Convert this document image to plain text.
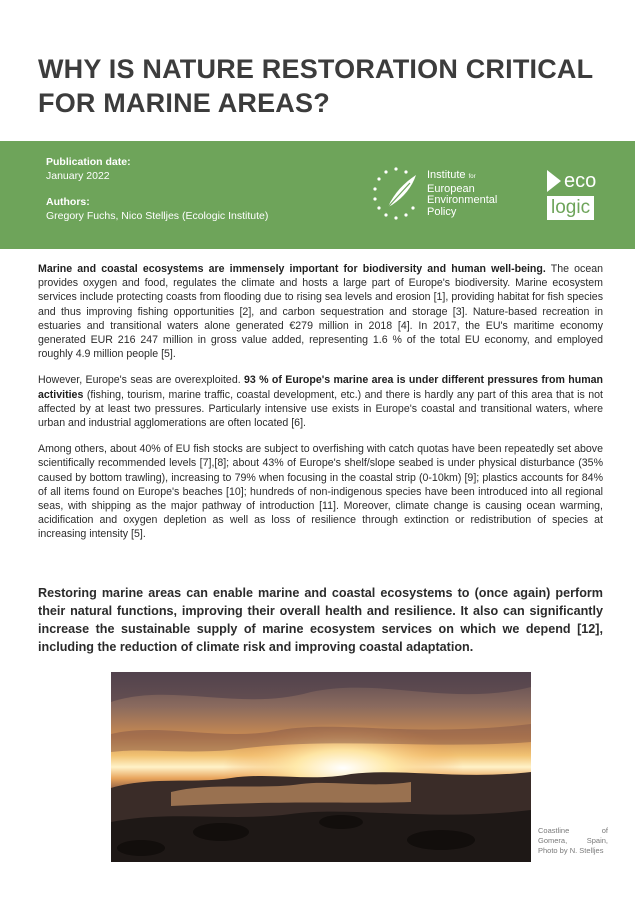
WHY IS NATURE RESTORATION CRITICAL FOR MARINE AREAS?
Publication date:
January 2022
Authors:
Gregory Fuchs, Nico Stelljes (Ecologic Institute)
Institute for
European
Environmental
Policy
eco
logic

Marine and coastal ecosystems are immensely important for biodiversity and human well-being. The ocean provides oxygen and food, regulates the climate and hosts a large part of Europe's biodiversity. Marine ecosystem services include protecting coasts from flooding due to rising sea levels and erosion [1], providing habitat for fish species and thus improving fishing opportunities [2], and carbon sequestration and storage [3]. Nature-based recreation in estuaries and transitional waters alone generated €279 million in 2018 [4]. In 2017, the EU's maritime economy generated EUR 216 247 million in gross value added, representing 1.6 % of the total EU economy, and employed roughly 4.9 million people [5].

However, Europe's seas are overexploited. 93 % of Europe's marine area is under different pressures from human activities (fishing, tourism, marine traffic, coastal development, etc.) and there is hardly any part of this area that is not affected by at least two pressures. Particularly intensive use exists in Europe's coastal and transitional waters, where urban and industrial agglomerations are often located [6].

Among others, about 40% of EU fish stocks are subject to overfishing with catch quotas have been repeatedly set above scientifically recommended levels [7],[8]; about 43% of Europe's shelf/slope seabed is under physical disturbance (35% caused by bottom trawling), increasing to 79% when focusing in the coastal strip (0-10km) [9]; plastics accounts for 84% of all items found on Europe's beaches [10]; hundreds of non-indigenous species have been introduced into all regional seas, with shipping as the major pathway of introduction [11]. Moreover, climate change is causing ocean warming, acidification and oxygen depletion as well as loss of resilience through extinction or redistribution of species at increasing intensity [5].

Restoring marine areas can enable marine and coastal ecosystems to (once again) perform their natural functions, improving their overall health and resilience. It also can significantly increase the sustainable supply of marine ecosystem services on which we depend [12], including the reduction of climate risk and improving coastal adaptation.

Coastline of Gomera, Spain, Photo by N. Stelljes
